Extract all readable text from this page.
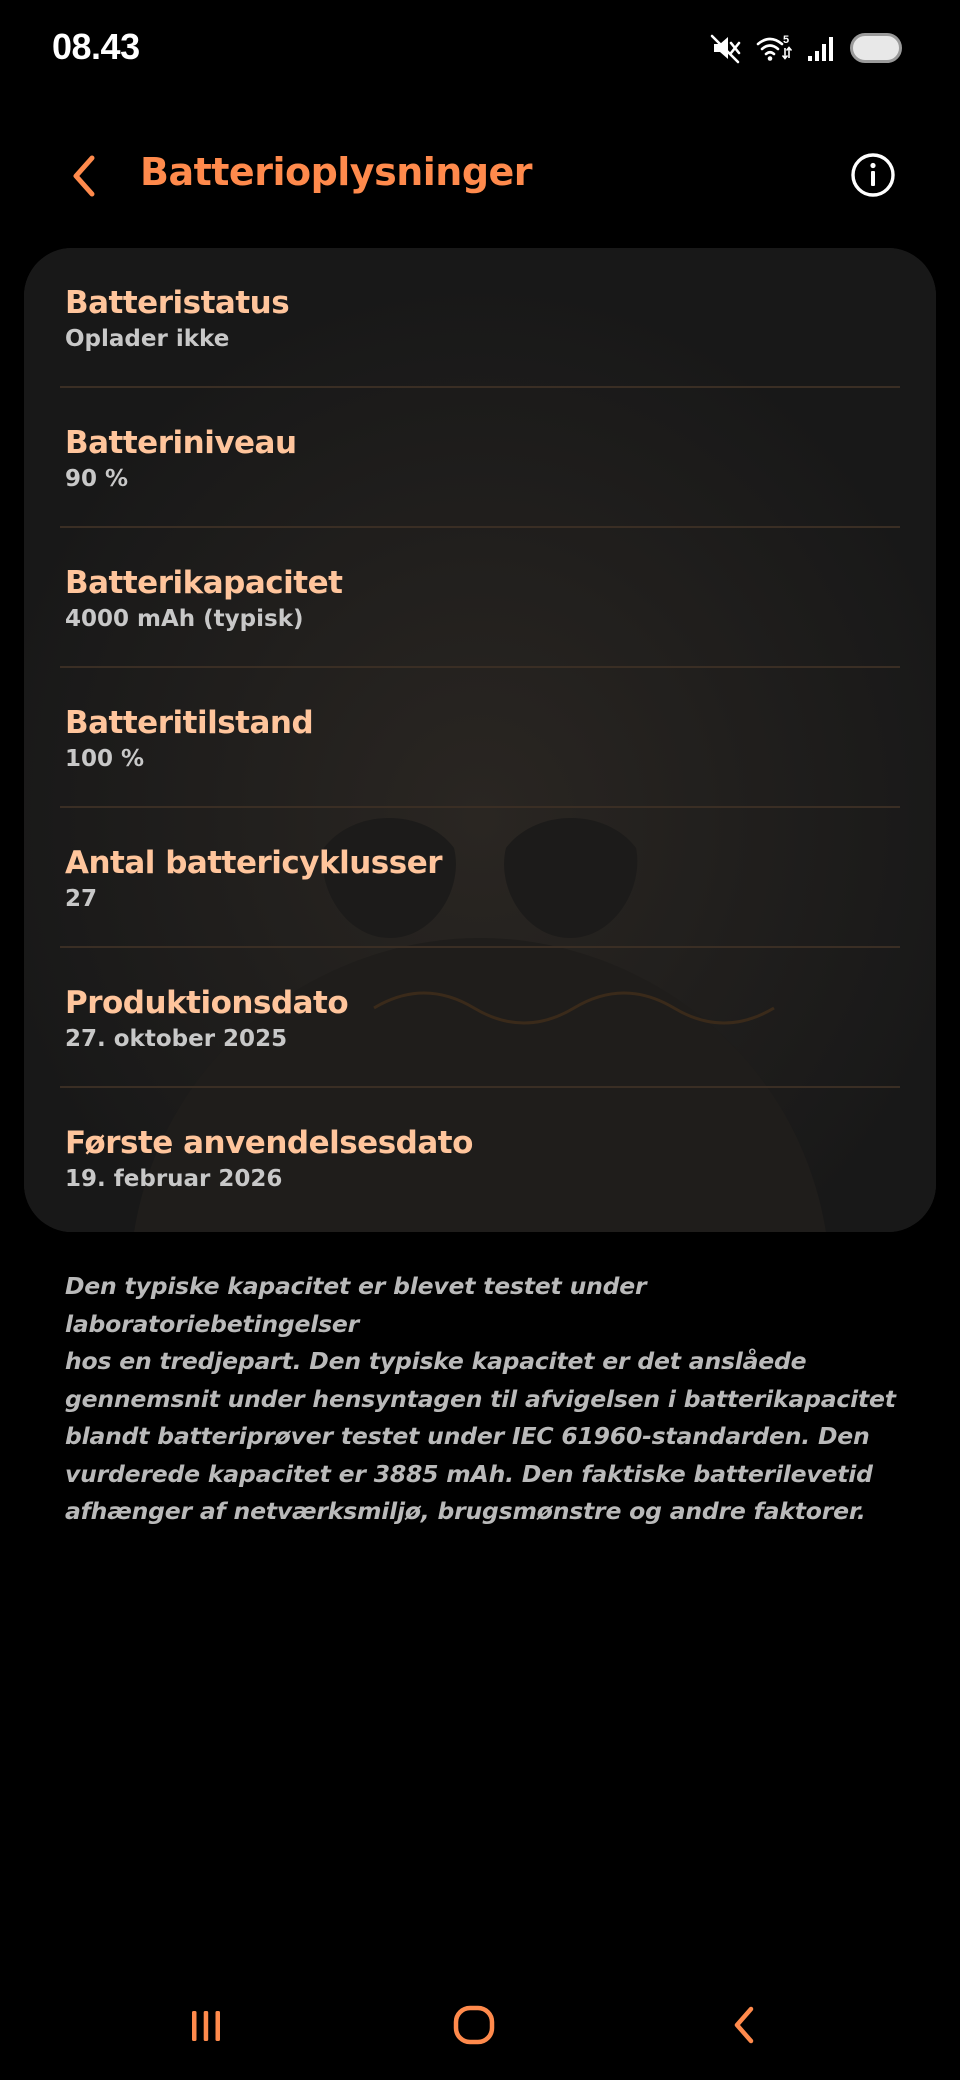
08.43	5
Batterioplysninger
Batteristatus
Oplader ikke
Batteriniveau
90 %
Batterikapacitet
4000 mAh (typisk)
Batteritilstand
100 %
Antal battericyklusser
27
Produktionsdato
27. oktober 2025
Første anvendelsesdato
19. februar 2026
Den typiske kapacitet er blevet testet under laboratoriebetingelser
hos en tredjepart. Den typiske kapacitet er det anslåede
gennemsnit under hensyntagen til afvigelsen i batterikapacitet
blandt batteriprøver testet under IEC 61960-standarden. Den
vurderede kapacitet er 3885 mAh. Den faktiske batterilevetid
afhænger af netværksmiljø, brugsmønstre og andre faktorer.
